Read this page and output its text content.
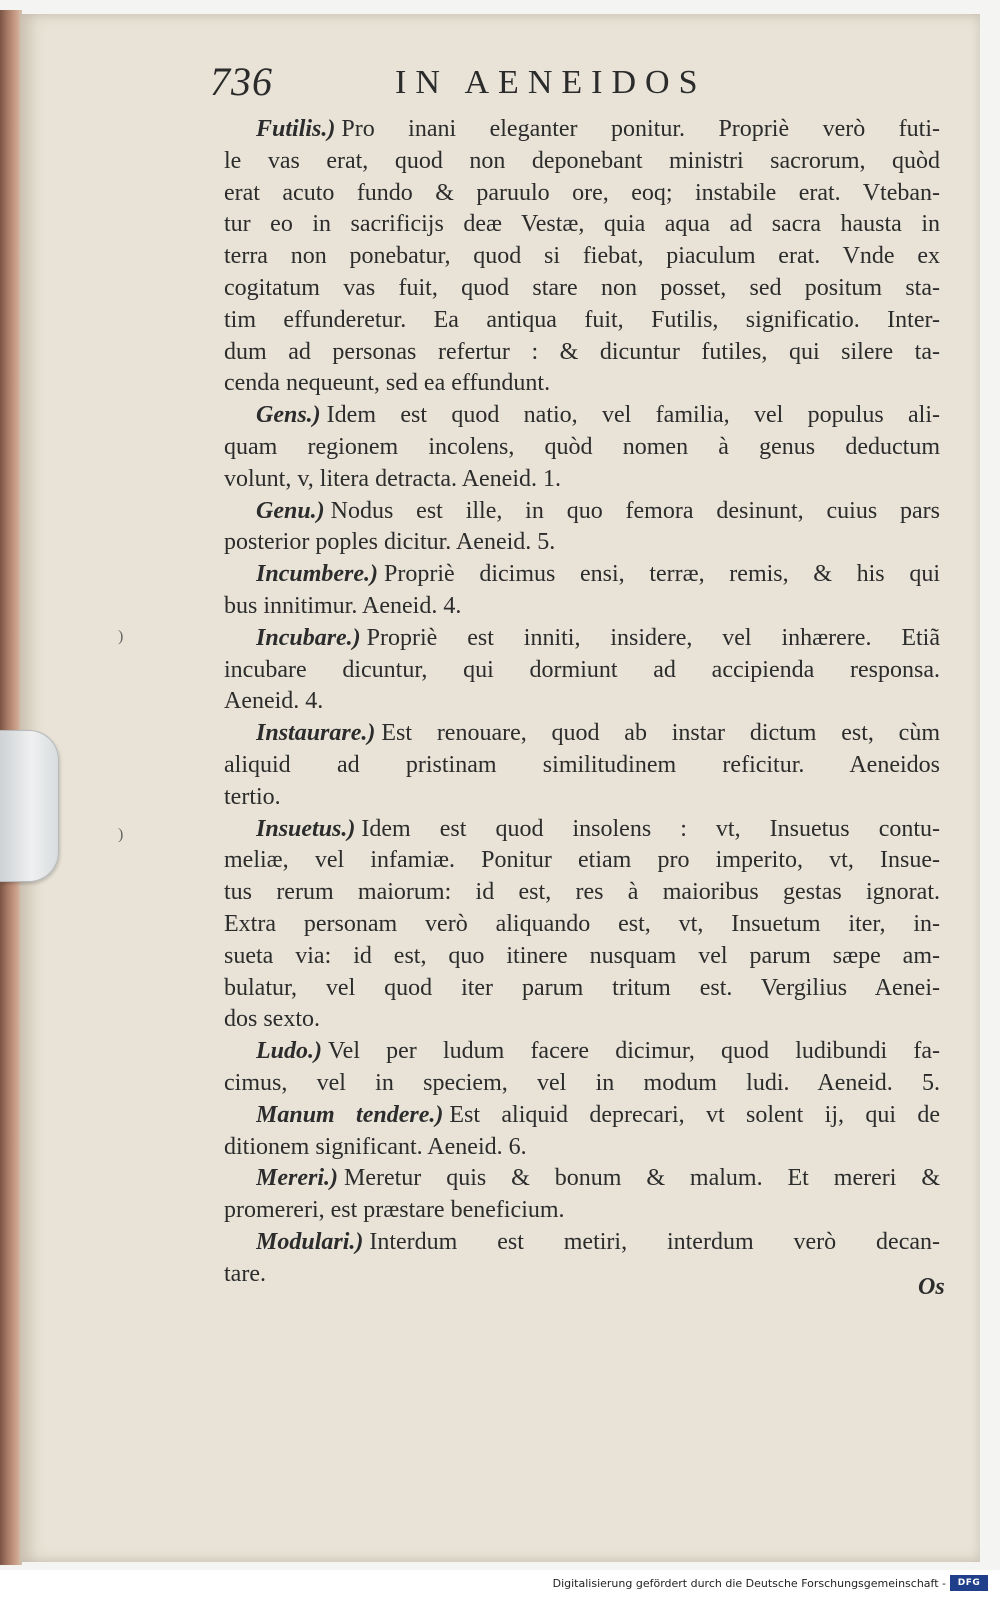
)
)
736	IN AENEIDOS
Futilis.) Pro inani eleganter ponitur. Propriè verò futi-
le vas erat, quod non deponebant ministri sacrorum, quòd
erat acuto fundo & paruulo ore, eoq; instabile erat. Vteban-
tur eo in sacrificijs deæ Vestæ, quia aqua ad sacra hausta in
terra non ponebatur, quod si fiebat, piaculum erat. Vnde ex
cogitatum vas fuit, quod stare non posset, sed positum sta-
tim effunderetur. Ea antiqua fuit, Futilis, significatio. Inter-
dum ad personas refertur : & dicuntur futiles, qui silere ta-
cenda nequeunt, sed ea effundunt.
Gens.) Idem est quod natio, vel familia, vel populus ali-
quam regionem incolens, quòd nomen à genus deductum
volunt, v, litera detracta. Aeneid. 1.
Genu.) Nodus est ille, in quo femora desinunt, cuius pars
posterior poples dicitur. Aeneid. 5.
Incumbere.) Propriè dicimus ensi, terræ, remis, & his qui
bus innitimur. Aeneid. 4.
Incubare.) Propriè est inniti, insidere, vel inhærere. Etiã
incubare dicuntur, qui dormiunt ad accipienda responsa.
Aeneid. 4.
Instaurare.) Est renouare, quod ab instar dictum est, cùm
aliquid ad pristinam similitudinem reficitur. Aeneidos
tertio.
Insuetus.) Idem est quod insolens : vt, Insuetus contu-
meliæ, vel infamiæ. Ponitur etiam pro imperito, vt, Insue-
tus rerum maiorum: id est, res à maioribus gestas ignorat.
Extra personam verò aliquando est, vt, Insuetum iter, in-
sueta via: id est, quo itinere nusquam vel parum sæpe am-
bulatur, vel quod iter parum tritum est. Vergilius Aenei-
dos sexto.
Ludo.) Vel per ludum facere dicimur, quod ludibundi fa-
cimus, vel in speciem, vel in modum ludi. Aeneid. 5.
Manum tendere.) Est aliquid deprecari, vt solent ij, qui de
ditionem significant. Aeneid. 6.
Mereri.) Meretur quis & bonum & malum. Et mereri &
promereri, est præstare beneficium.
Modulari.) Interdum est metiri, interdum verò decan-
tare.
Os
Digitalisierung gefördert durch die Deutsche Forschungsgemeinschaft -	DFG
